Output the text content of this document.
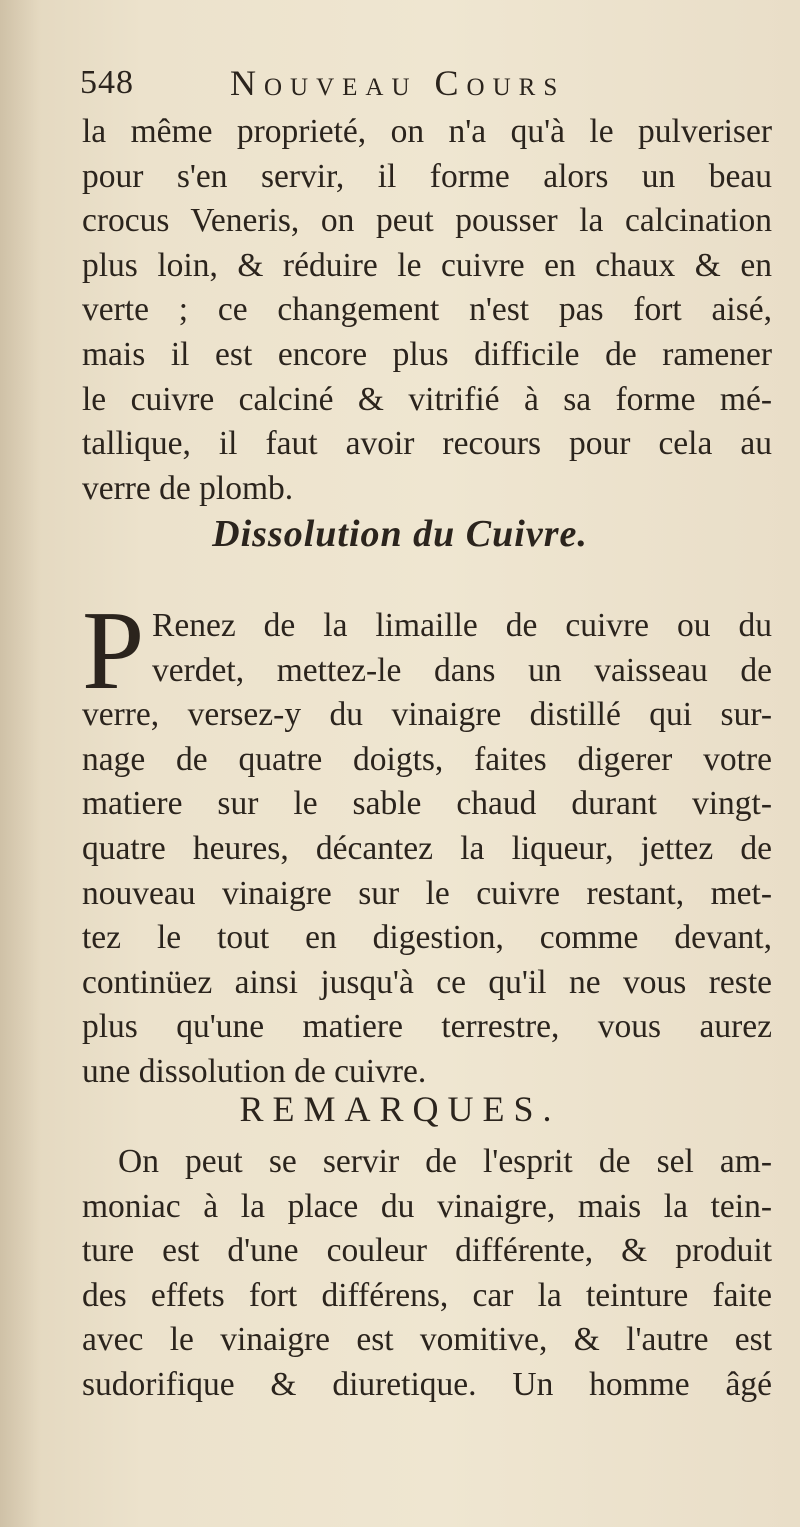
548	Nouveau Cours
la même proprieté, on n'a qu'à le pulveriser
pour s'en servir, il forme alors un beau
crocus Veneris, on peut pousser la calcination
plus loin, & réduire le cuivre en chaux & en
verte ; ce changement n'est pas fort aisé,
mais il est encore plus difficile de ramener
le cuivre calciné & vitrifié à sa forme mé-
tallique, il faut avoir recours pour cela au
verre de plomb.
Dissolution du Cuivre.
P Renez de la limaille de cuivre ou du
verdet, mettez-le dans un vaisseau de
verre, versez-y du vinaigre distillé qui sur-
nage de quatre doigts, faites digerer votre
matiere sur le sable chaud durant vingt-
quatre heures, décantez la liqueur, jettez de
nouveau vinaigre sur le cuivre restant, met-
tez le tout en digestion, comme devant,
continüez ainsi jusqu'à ce qu'il ne vous reste
plus qu'une matiere terrestre, vous aurez
une dissolution de cuivre.
REMARQUES.
On peut se servir de l'esprit de sel am-
moniac à la place du vinaigre, mais la tein-
ture est d'une couleur différente, & produit
des effets fort différens, car la teinture faite
avec le vinaigre est vomitive, & l'autre est
sudorifique & diuretique. Un homme âgé
